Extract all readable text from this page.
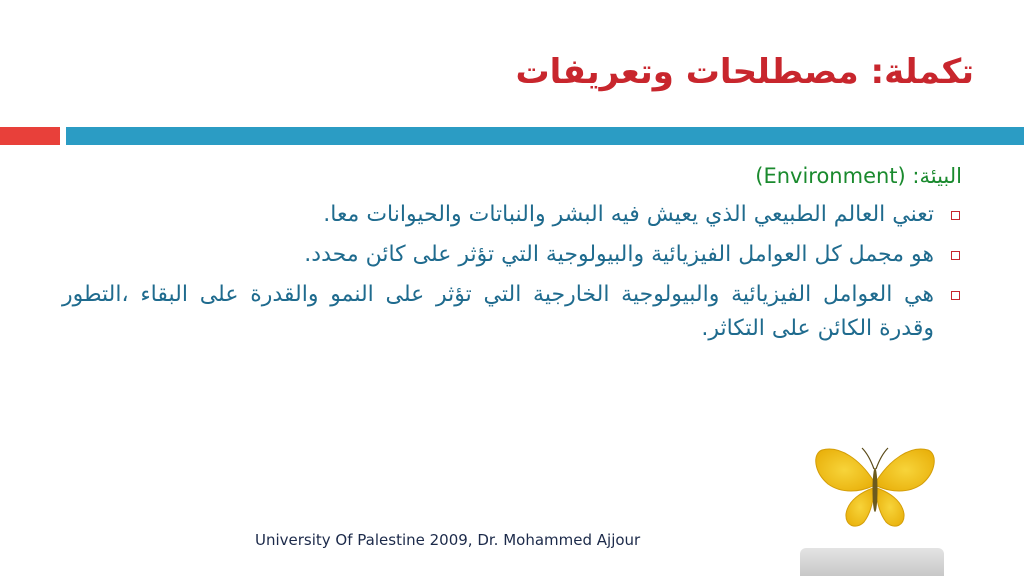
تكملة: مصطلحات وتعريفات
البيئة: (Environment)
تعني العالم الطبيعي الذي يعيش فيه البشر والنباتات والحيوانات معا.
هو مجمل كل العوامل الفيزيائية والبيولوجية التي تؤثر على كائن محدد.
هي العوامل الفيزيائية والبيولوجية الخارجية التي تؤثر على النمو والقدرة على البقاء ،التطور وقدرة الكائن على التكاثر.
University Of Palestine 2009, Dr. Mohammed Ajjour
